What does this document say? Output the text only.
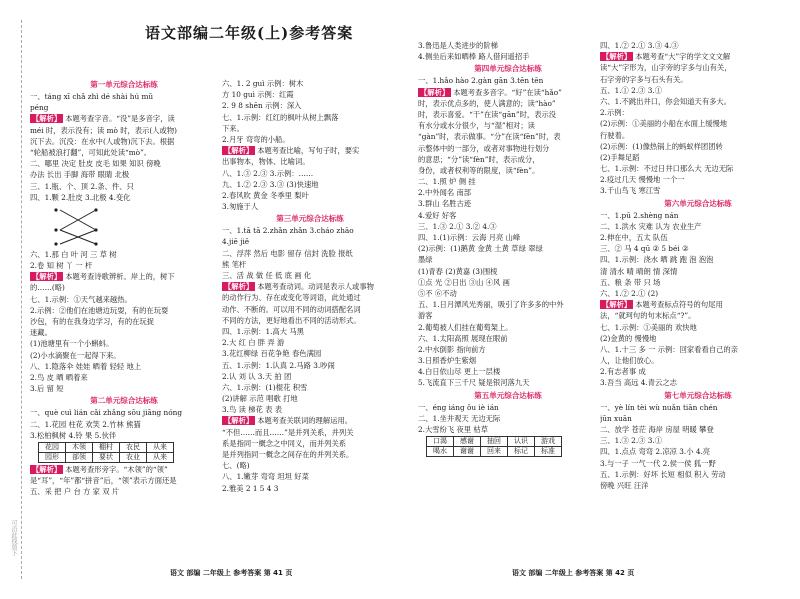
可沿此线剪下
语文部编二年级(上)参考答案
第一单元综合达标练
一、táng xī chǎ zhì dé shài hú mǔ
péng
【解析】 本题考查字音。“没”是多音字，读
méi 时，表示没有；读 mò 时，表示(人或物)
沉下去。沉没：在水中(人或物)沉下去。根据
“轮船被浪打翻”，可知此处读“mò”。
二、哪里 决定 肚皮 皮毛 如果 知识 傍晚
办法 长出 手脚 海带 眼睛 北极
三、1.瓶、个、顶 2.条、件、只
四、1.颗 2.肚皮 3.北极 4.变化
六、1.那 白 叶 河 三 草 树
2.卷 知 树 丫 一 杆
【解析】 本题考查诗歌辨析。岸上的，树下
的……(略)
七、1.示例：①天气越来越热。
2.示例：②他们在池塘边玩耍，有的在玩耍
沙包，有的在我身边学习，有的在玩捉
迷藏。
(1)池塘里有一个小蝌蚪。
(2)小水滴聚在一起得下来。
八、1.隐落伞 娃娃 晒着 轻轻 地上
2.鸟 皮 晒 晒着来
3.后 留 短
第二单元综合达标练
一、què cuì lián cǎi zhǎng sōu jiāng nóng
二、1.花园 柱花 欢笑 2.竹林 熊猫
3.松柏枫树 4.铃 果 5.伙伴
花园	木领	棚村	农民	从来
园形	部领	要状	农业	从来
【解析】 本题考查形旁字。“木领”的“领”
是“耳”，“年”都“拼音”后，“领”表示方面还是
五、采 把 户 台 方 家 双 片
六、1. 2 guì 示例：树木
方 10 guì 示例：红霞
2. 9 8 shēn 示例：深入
七、1.示例：红红的枫叶从树上飘落
下来。
2.月牙 弯弯的小船。
【解析】 本题考查比喻，写句子时，要实
出事物本，物体、比喻词。
八、1.③ 2.③ 3.示例：……
九、1.② 2.③ 3.③ (3)快速地
2.春风吹 黄金 冬季里 梨叶
3.匆施于人
第三单元综合达标练
一、1.tā tā 2.zhǎn zhǎn 3.cháo zhāo
4.jiē jiě
二、浮萍 然后 电影 留存 信封 洗脸 报纸
熊 笔杆
三、活 战 做 任 低 底 画 化
【解析】 本题考查动词。动词是表示人或事物
的动作行为、存在或变化等词语，此处通过
动作、不断的。可以用不同的动词搭配名词
不同的方法，更好地看出不同的活动形式。
四、1.示例：1.高大 马黑
2.大 红 白 胖 弄 游
3.花红柳绿 百花争艳 春色满园
五、1.示例：1.认真 2.马路 3.吵闹
2.认 刘 认 3.天 拍 团
六、1.示例：(1)棍花 积雪
(2)讲解 示范 唱歌 打地
3.鸟 读 梯花 表 表
【解析】 本题考查关联词的理解运用。
“不但……而且……”是并列关系，并列关
系是指同一概念之中同义，而并列关系
是并列指同一概念之间存在的并列关系。
七、(略)
八、1.嫩芽 弯弯 坦坦 好菜
2.雅美 2 1 5 4 3
语文 部编 二年级上 参考答案 第 41 页
3.鲁迅是人类进步的阶梯
4.侧坐后来如晒棒 路人借问遥招手
第四单元综合达标练
一、1.hǎo hào 2.gàn gān 3.tēn tēn
【解析】 本题考查多音字。“好”在读“hǎo”
时，表示优点多的，使人满意的；读“hào”
时，表示喜爱。“干”在读“gān”时，表示没
有水分或水分很少，与“湿”相对；读
“gàn”时，表示做事。“分”在读“fēn”时，表
示整体中的一部分，或者对事物进行划分
的意思；“分”读“fèn”时，表示成分，
身份，或者权利等的限度，读“fèn”。
二、1.照 炉 侧 挂
2.中外闻名 南部
3.群山 名胜古迹
4.爱好 好客
三、1.③ 2.① 3.② 4.③
四、1.(1)示例：云海 月亮 山峰
(2)示例：(1)鹅黄 金黄 土黄 草绿 翠绿
墨绿
(1)青春 (2)黄嘉 (3)围棱
①点 光 ②日出 ③山 ④风 画
⑤不 ⑥不动
五、1.日月潭风光秀丽，吸引了许多多的中外
游客
2.葡萄被人们挂在葡萄架上。
六、1.太阳高照 展现在眼前
2.中水倒影 指向前方
3.日照香炉生紫烟
4.白日依山尽 更上一层楼
5.飞流直下三千尺 疑是银河落九天
第五单元综合达标练
一、éng iáng ǒu iè ián
二、1.坐井观天 无边无际
2.大雪纷飞 夜里 枯草
口渴	感谢	抽回	认识	游戏
喝水	谢谢	回来	标记	标准
四、1.② 2.① 3.③ 4.③
【解析】 本题考查“大”字的学文文文解
读“大”字形为，山字旁的字多与山有关，
石字旁的字多与石头有关。
五、1.① 2.③ 3.①
六、1.不跳出井口，你会知道天有多大。
2.示例：
(2)示例：①美丽的小船在水面上缓慢地
行驶着。
(2)示例：(1)像热锅上的蚂蚁样团团转
(2)手舞足蹈
七、1.示例：不过日井口那么大 无边无际
2.疫过几天 慢慢地 一个一
3.千山鸟飞 寒江雪
第六单元综合达标练
一、1.pū 2.shèng nán
二、1.洪水 灾难 认为 农业生产
2.伸在中，五太 队伍
三、② 马 4 qū ② 5 béi ②
四、1.示例：浇水 晒 跳 跑 泡 泡泡
清 清水 晴 晴朗 情 深情
五、粮 条 带 只 场
六、1.② 2.① (2)
【解析】 本题考查标点符号的句尾用
法，“就珂句的句末标点“?”。
七、1.示例：①美丽的 欢快地
(2)金黄的 慢慢地
八、1.十三 多 一 示例：回家看看自己的亲
人，让他们放心。
2.有志者事 成
3.吾当 高远 4.青云之志
第七单元综合达标练
一、yè lín tèi wù nuǎn tiān chén
jūn xuān
二、放学 苍茫 海岸 房屋 明暖 攀登
三、1.③ 2.③ 3.①
四、1.点点 弯弯 2.凉凉 3.小 4.亮
3.与一子 一气一代 2.侯一侯 狐一野
五、1.示例：好坏 长短 相似 积入 劳动
傍晚 兴旺 汪洋
语文 部编 二年级上 参考答案 第 42 页
